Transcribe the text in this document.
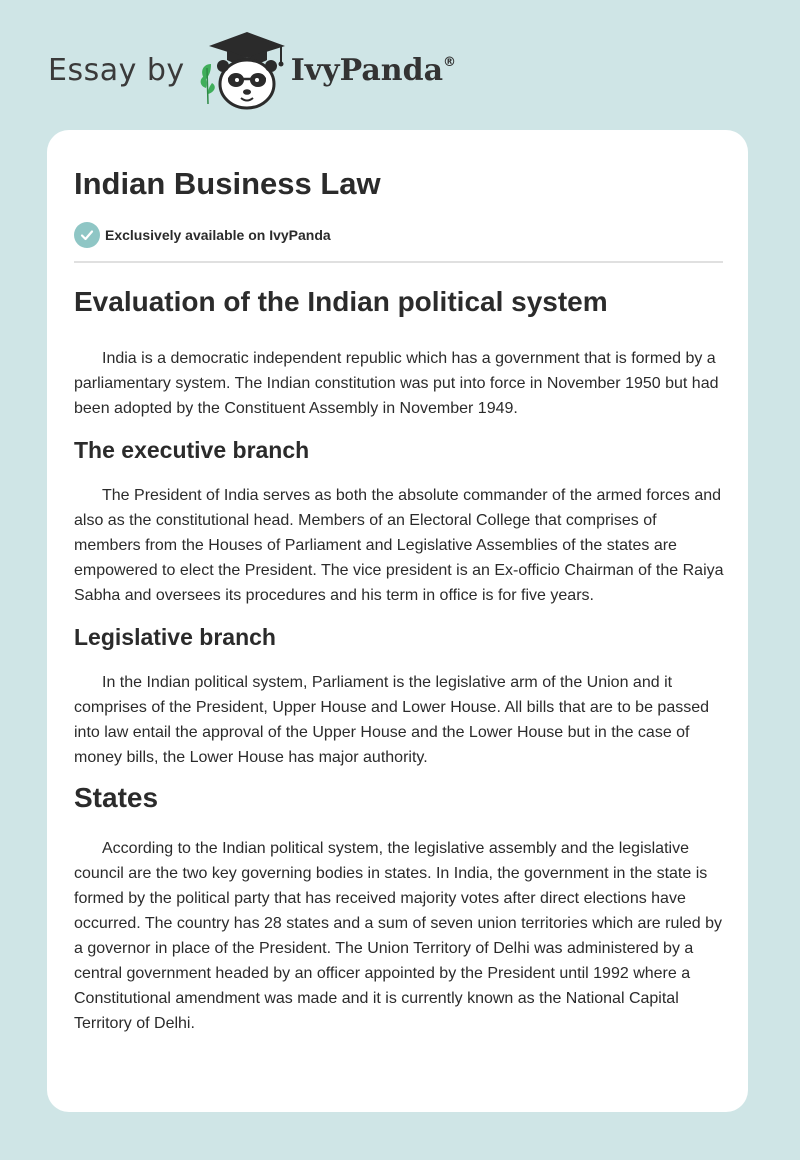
Essay by	IvyPanda®
Indian Business Law
Exclusively available on IvyPanda
Evaluation of the Indian political system

India is a democratic independent republic which has a government that is formed by a parliamentary system. The Indian constitution was put into force in November 1950 but had been adopted by the Constituent Assembly in November 1949.

The executive branch

The President of India serves as both the absolute commander of the armed forces and also as the constitutional head. Members of an Electoral College that comprises of members from the Houses of Parliament and Legislative Assemblies of the states are empowered to elect the President. The vice president is an Ex-officio Chairman of the Raiya Sabha and oversees its procedures and his term in office is for five years.

Legislative branch

In the Indian political system, Parliament is the legislative arm of the Union and it comprises of the President, Upper House and Lower House. All bills that are to be passed into law entail the approval of the Upper House and the Lower House but in the case of money bills, the Lower House has major authority.

States

According to the Indian political system, the legislative assembly and the legislative council are the two key governing bodies in states. In India, the government in the state is formed by the political party that has received majority votes after direct elections have occurred. The country has 28 states and a sum of seven union territories which are ruled by a governor in place of the President. The Union Territory of Delhi was administered by a central government headed by an officer appointed by the President until 1992 where a Constitutional amendment was made and it is currently known as the National Capital Territory of Delhi.
